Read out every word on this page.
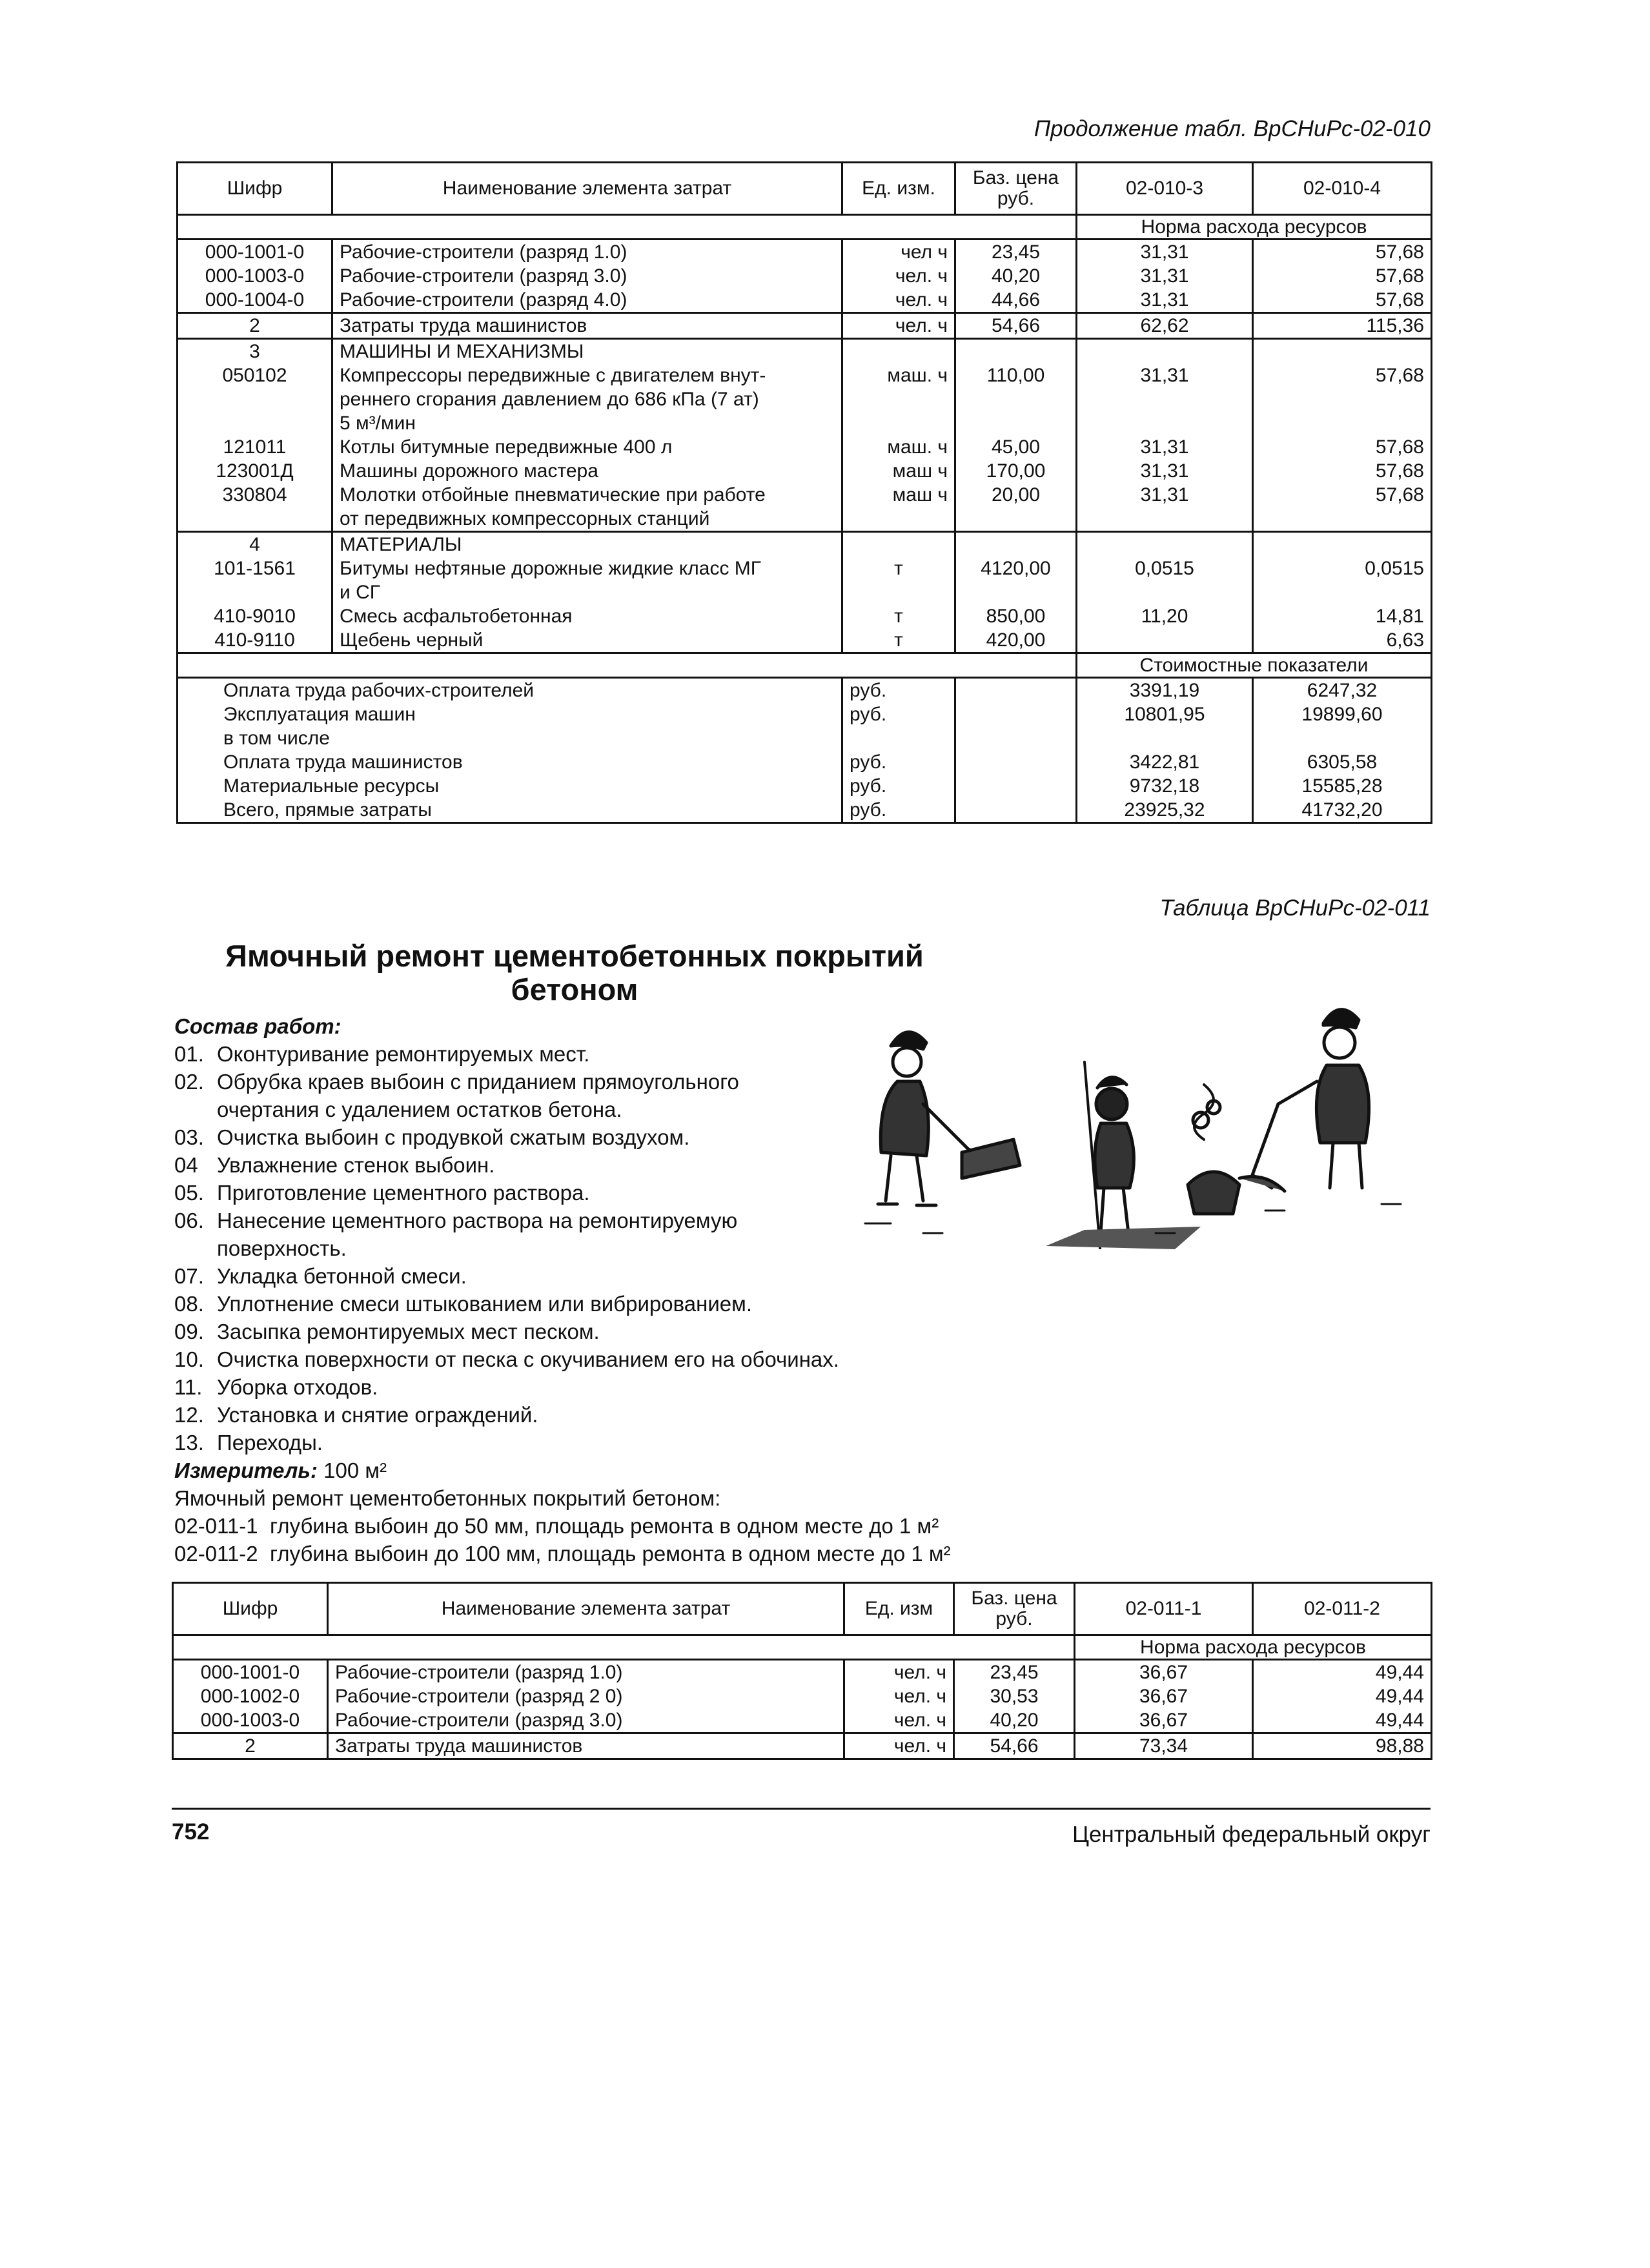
Продолжение табл. ВрСНиРс-02-010
Шифр	Наименование элемента затрат	Ед. изм.	Баз. цена руб.	02-010-3	02-010-4
				Норма расхода ресурсов	
000-1001-0	Рабочие-строители (разряд 1.0)	чел ч	23,45	31,31	57,68
000-1003-0	Рабочие-строители (разряд 3.0)	чел. ч	40,20	31,31	57,68
000-1004-0	Рабочие-строители (разряд 4.0)	чел. ч	44,66	31,31	57,68
2	Затраты труда машинистов	чел. ч	54,66	62,62	115,36
3	МАШИНЫ И МЕХАНИЗМЫ				
050102	Компрессоры передвижные с двигателем внут-
реннего сгорания давлением до 686 кПа (7 ат)
5 м³/мин	маш. ч	110,00	31,31	57,68
121011	Котлы битумные передвижные 400 л	маш. ч	45,00	31,31	57,68
123001Д	Машины дорожного мастера	маш ч	170,00	31,31	57,68
330804	Молотки отбойные пневматические при работе
от передвижных компрессорных станций	маш ч	20,00	31,31	57,68
4	МАТЕРИАЛЫ				
101-1561	Битумы нефтяные дорожные жидкие класс МГ
и СГ	т	4120,00	0,0515	0,0515
410-9010	Смесь асфальтобетонная	т	850,00	11,20	14,81
410-9110	Щебень черный	т	420,00		6,63
				Стоимостные показатели	
Оплата труда рабочих-строителей		руб.		3391,19	6247,32
Эксплуатация машин		руб.		10801,95	19899,60
в том числе					
Оплата труда машинистов		руб.		3422,81	6305,58
Материальные ресурсы		руб.		9732,18	15585,28
Всего, прямые затраты		руб.		23925,32	41732,20
Таблица ВрСНиРс-02-011
Ямочный ремонт цементобетонных покрытий
бетоном
Состав работ:
01. Оконтуривание ремонтируемых мест.
02. Обрубка краев выбоин с приданием прямоугольного
очертания с удалением остатков бетона.
03. Очистка выбоин с продувкой сжатым воздухом.
04 Увлажнение стенок выбоин.
05. Приготовление цементного раствора.
06. Нанесение цементного раствора на ремонтируемую
поверхность.
07. Укладка бетонной смеси.
08. Уплотнение смеси штыкованием или вибрированием.
09. Засыпка ремонтируемых мест песком.
10. Очистка поверхности от песка с окучиванием его на обочинах.
11. Уборка отходов.
12. Установка и снятие ограждений.
13. Переходы.
Измеритель: 100 м²
Ямочный ремонт цементобетонных покрытий бетоном:
02-011-1 глубина выбоин до 50 мм, площадь ремонта в одном месте до 1 м²
02-011-2 глубина выбоин до 100 мм, площадь ремонта в одном месте до 1 м²
Шифр	Наименование элемента затрат	Ед. изм	Баз. цена руб.	02-011-1	02-011-2
				Норма расхода ресурсов	
000-1001-0	Рабочие-строители (разряд 1.0)	чел. ч	23,45	36,67	49,44
000-1002-0	Рабочие-строители (разряд 2 0)	чел. ч	30,53	36,67	49,44
000-1003-0	Рабочие-строители (разряд 3.0)	чел. ч	40,20	36,67	49,44
2	Затраты труда машинистов	чел. ч	54,66	73,34	98,88
752	Центральный федеральный округ
